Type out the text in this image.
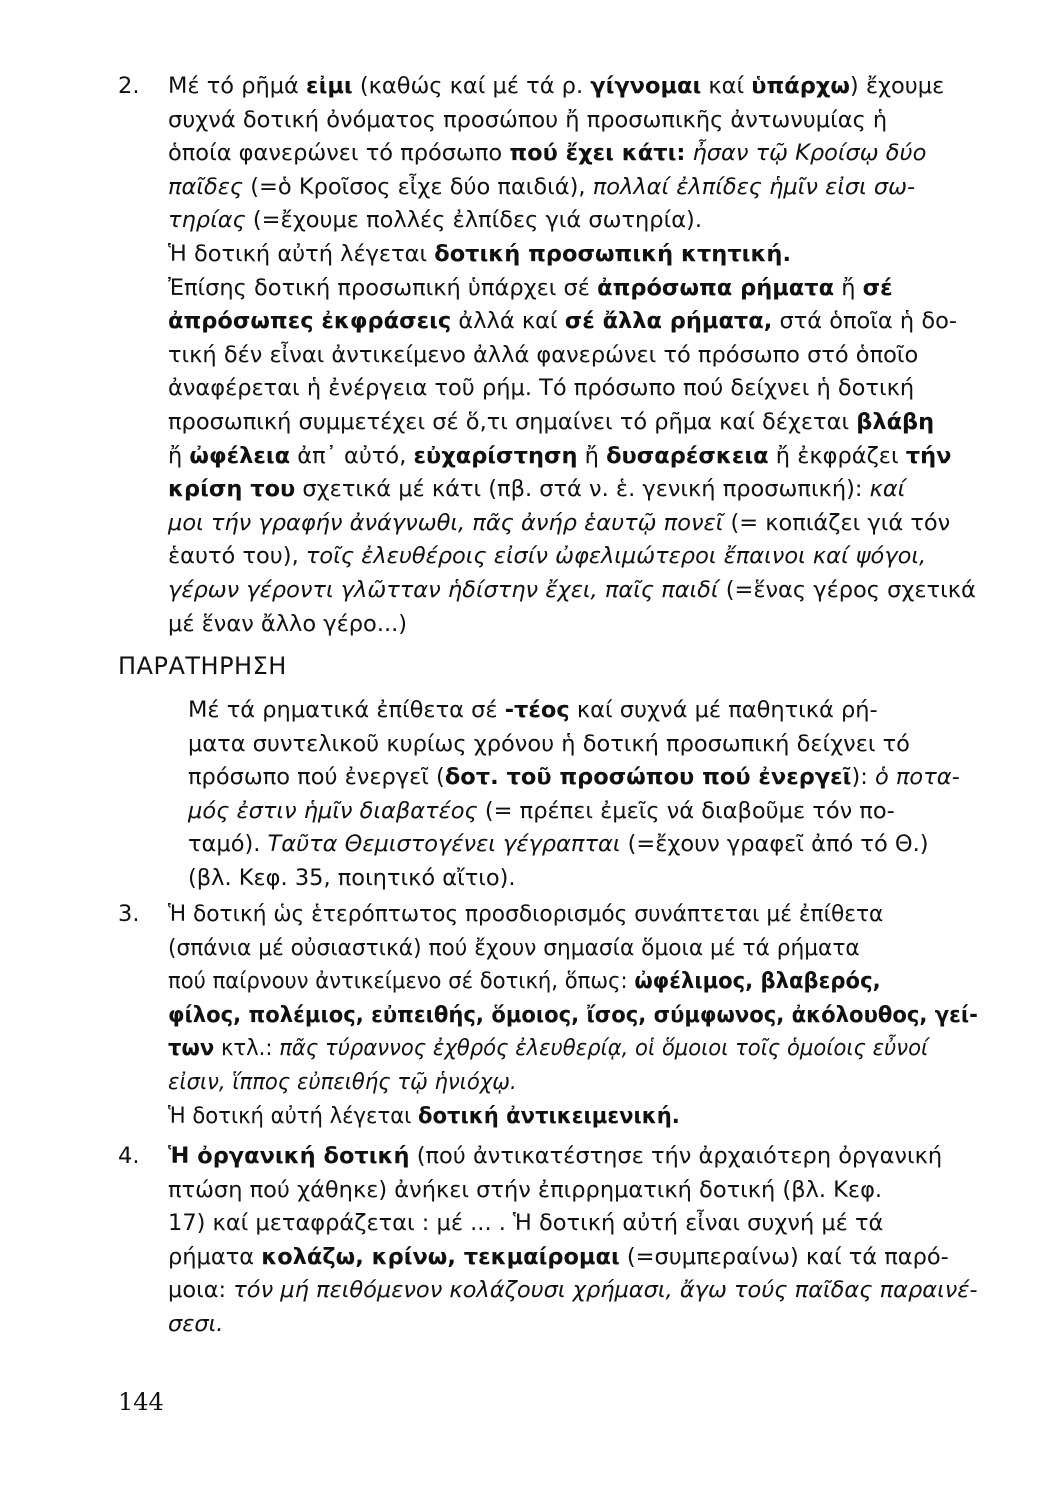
2. Μέ τό ρῆμά εἰμι (καθώς καί μέ τά ρ. γίγνομαι καί ὑπάρχω) ἔχουμε
συχνά δοτική ὀνόματος προσώπου ἤ προσωπικῆς ἀντωνυμίας ἡ
ὁποία φανερώνει τό πρόσωπο πού ἔχει κάτι: ἦσαν τῷ Κροίσῳ δύο
παῖδες (=ὁ Κροῖσος εἶχε δύο παιδιά), πολλαί ἐλπίδες ἡμῖν εἰσι σω-
τηρίας (=ἔχουμε πολλές ἐλπίδες γιά σωτηρία).
Ἡ δοτική αὐτή λέγεται δοτική προσωπική κτητική.
Ἐπίσης δοτική προσωπική ὑπάρχει σέ ἀπρόσωπα ρήματα ἤ σέ
ἀπρόσωπες ἐκφράσεις ἀλλά καί σέ ἄλλα ρήματα, στά ὁποῖα ἡ δο-
τική δέν εἶναι ἀντικείμενο ἀλλά φανερώνει τό πρόσωπο στό ὁποῖο
ἀναφέρεται ἡ ἐνέργεια τοῦ ρήμ. Τό πρόσωπο πού δείχνει ἡ δοτική
προσωπική συμμετέχει σέ ὅ,τι σημαίνει τό ρῆμα καί δέχεται βλάβη
ἤ ὠφέλεια ἀπ᾽ αὐτό, εὐχαρίστηση ἤ δυσαρέσκεια ἤ ἐκφράζει τήν
κρίση του σχετικά μέ κάτι (πβ. στά ν. ἑ. γενική προσωπική): καί
μοι τήν γραφήν ἀνάγνωθι, πᾶς ἀνήρ ἑαυτῷ πονεῖ (= κοπιάζει γιά τόν
ἑαυτό του), τοῖς ἐλευθέροις εἰσίν ὠφελιμώτεροι ἔπαινοι καί ψόγοι,
γέρων γέροντι γλῶτταν ἡδίστην ἔχει, παῖς παιδί (=ἕνας γέρος σχετικά
μέ ἕναν ἄλλο γέρο...)
ΠΑΡΑΤΗΡΗΣΗ
Μέ τά ρηματικά ἐπίθετα σέ -τέος καί συχνά μέ παθητικά ρή-
ματα συντελικοῦ κυρίως χρόνου ἡ δοτική προσωπική δείχνει τό
πρόσωπο πού ἐνεργεῖ (δοτ. τοῦ προσώπου πού ἐνεργεῖ): ὁ ποτα-
μός ἐστιν ἡμῖν διαβατέος (= πρέπει ἐμεῖς νά διαβοῦμε τόν πο-
ταμό). Ταῦτα Θεμιστογένει γέγραπται (=ἔχουν γραφεῖ ἀπό τό Θ.)
(βλ. Κεφ. 35, ποιητικό αἴτιο).
3. Ἡ δοτική ὡς ἑτερόπτωτος προσδιορισμός συνάπτεται μέ ἐπίθετα (σπάνια μέ οὐσιαστικά) πού ἔχουν σημασία ὅμοια μέ τά ρήματα πού παίρνουν ἀντικείμενο σέ δοτική, ὅπως: ὠφέλιμος, βλαβερός, φίλος, πολέμιος, εὐπειθής, ὅμοιος, ἴσος, σύμφωνος, ἀκόλουθος, γεί- των κτλ.: πᾶς τύραννος ἐχθρός ἐλευθερίᾳ, οἱ ὅμοιοι τοῖς ὁμοίοις εὖνοί εἰσιν, ἵππος εὐπειθής τῷ ἡνιόχῳ. Ἡ δοτική αὐτή λέγεται δοτική ἀντικειμενική.
4. Ἡ ὀργανική δοτική (πού ἀντικατέστησε τήν ἀρχαιότερη ὀργανική
πτώση πού χάθηκε) ἀνήκει στήν ἐπιρρηματική δοτική (βλ. Κεφ.
17) καί μεταφράζεται : μέ ... . Ἡ δοτική αὐτή εἶναι συχνή μέ τά
ρήματα κολάζω, κρίνω, τεκμαίρομαι (=συμπεραίνω) καί τά παρό-
μοια: τόν μή πειθόμενον κολάζουσι χρήμασι, ἄγω τούς παῖδας παραινέ-
σεσι.
144
